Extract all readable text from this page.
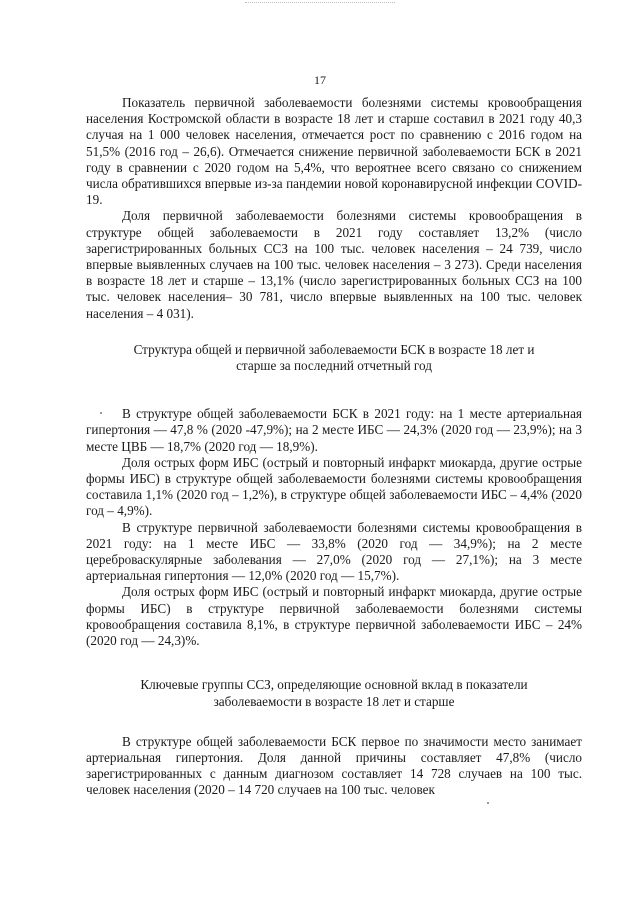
17

Показатель первичной заболеваемости болезнями системы кровообращения населения Костромской области в возрасте 18 лет и старше составил в 2021 году 40,3 случая на 1 000 человек населения, отмечается рост по сравнению с 2016 годом на 51,5% (2016 год – 26,6). Отмечается снижение первичной заболеваемости БСК в 2021 году в сравнении с 2020 годом на 5,4%, что вероятнее всего связано со снижением числа обратившихся впервые из-за пандемии новой коронавирусной инфекции COVID-19.

Доля первичной заболеваемости болезнями системы кровообращения в структуре общей заболеваемости в 2021 году составляет 13,2% (число зарегистрированных больных ССЗ на 100 тыс. человек населения – 24 739, число впервые выявленных случаев на 100 тыс. человек населения – 3 273). Среди населения в возрасте 18 лет и старше – 13,1% (число зарегистрированных больных ССЗ на 100 тыс. человек населения– 30 781, число впервые выявленных на 100 тыс. человек населения – 4 031).

Структура общей и первичной заболеваемости БСК в возрасте 18 лет и
старше за последний отчетный год

В структуре общей заболеваемости БСК в 2021 году: на 1 месте артериальная гипертония — 47,8 % (2020 -47,9%); на 2 месте ИБС — 24,3% (2020 год — 23,9%); на 3 месте ЦВБ — 18,7% (2020 год — 18,9%).

Доля острых форм ИБС (острый и повторный инфаркт миокарда, другие острые формы ИБС) в структуре общей заболеваемости болезнями системы кровообращения составила 1,1% (2020 год – 1,2%), в структуре общей заболеваемости ИБС – 4,4% (2020 год – 4,9%).

В структуре первичной заболеваемости болезнями системы кровообращения в 2021 году: на 1 месте ИБС — 33,8% (2020 год — 34,9%); на 2 месте цереброваскулярные заболевания — 27,0% (2020 год — 27,1%); на 3 месте артериальная гипертония — 12,0% (2020 год — 15,7%).

Доля острых форм ИБС (острый и повторный инфаркт миокарда, другие острые формы ИБС) в структуре первичной заболеваемости болезнями системы кровообращения составила 8,1%, в структуре первичной заболеваемости ИБС – 24% (2020 год — 24,3)%.

Ключевые группы ССЗ, определяющие основной вклад в показатели
заболеваемости в возрасте 18 лет и старше

В структуре общей заболеваемости БСК первое по значимости место занимает артериальная гипертония. Доля данной причины составляет 47,8% (число зарегистрированных с данным диагнозом составляет 14 728 случаев на 100 тыс. человек населения (2020 – 14 720 случаев на 100 тыс. человек
